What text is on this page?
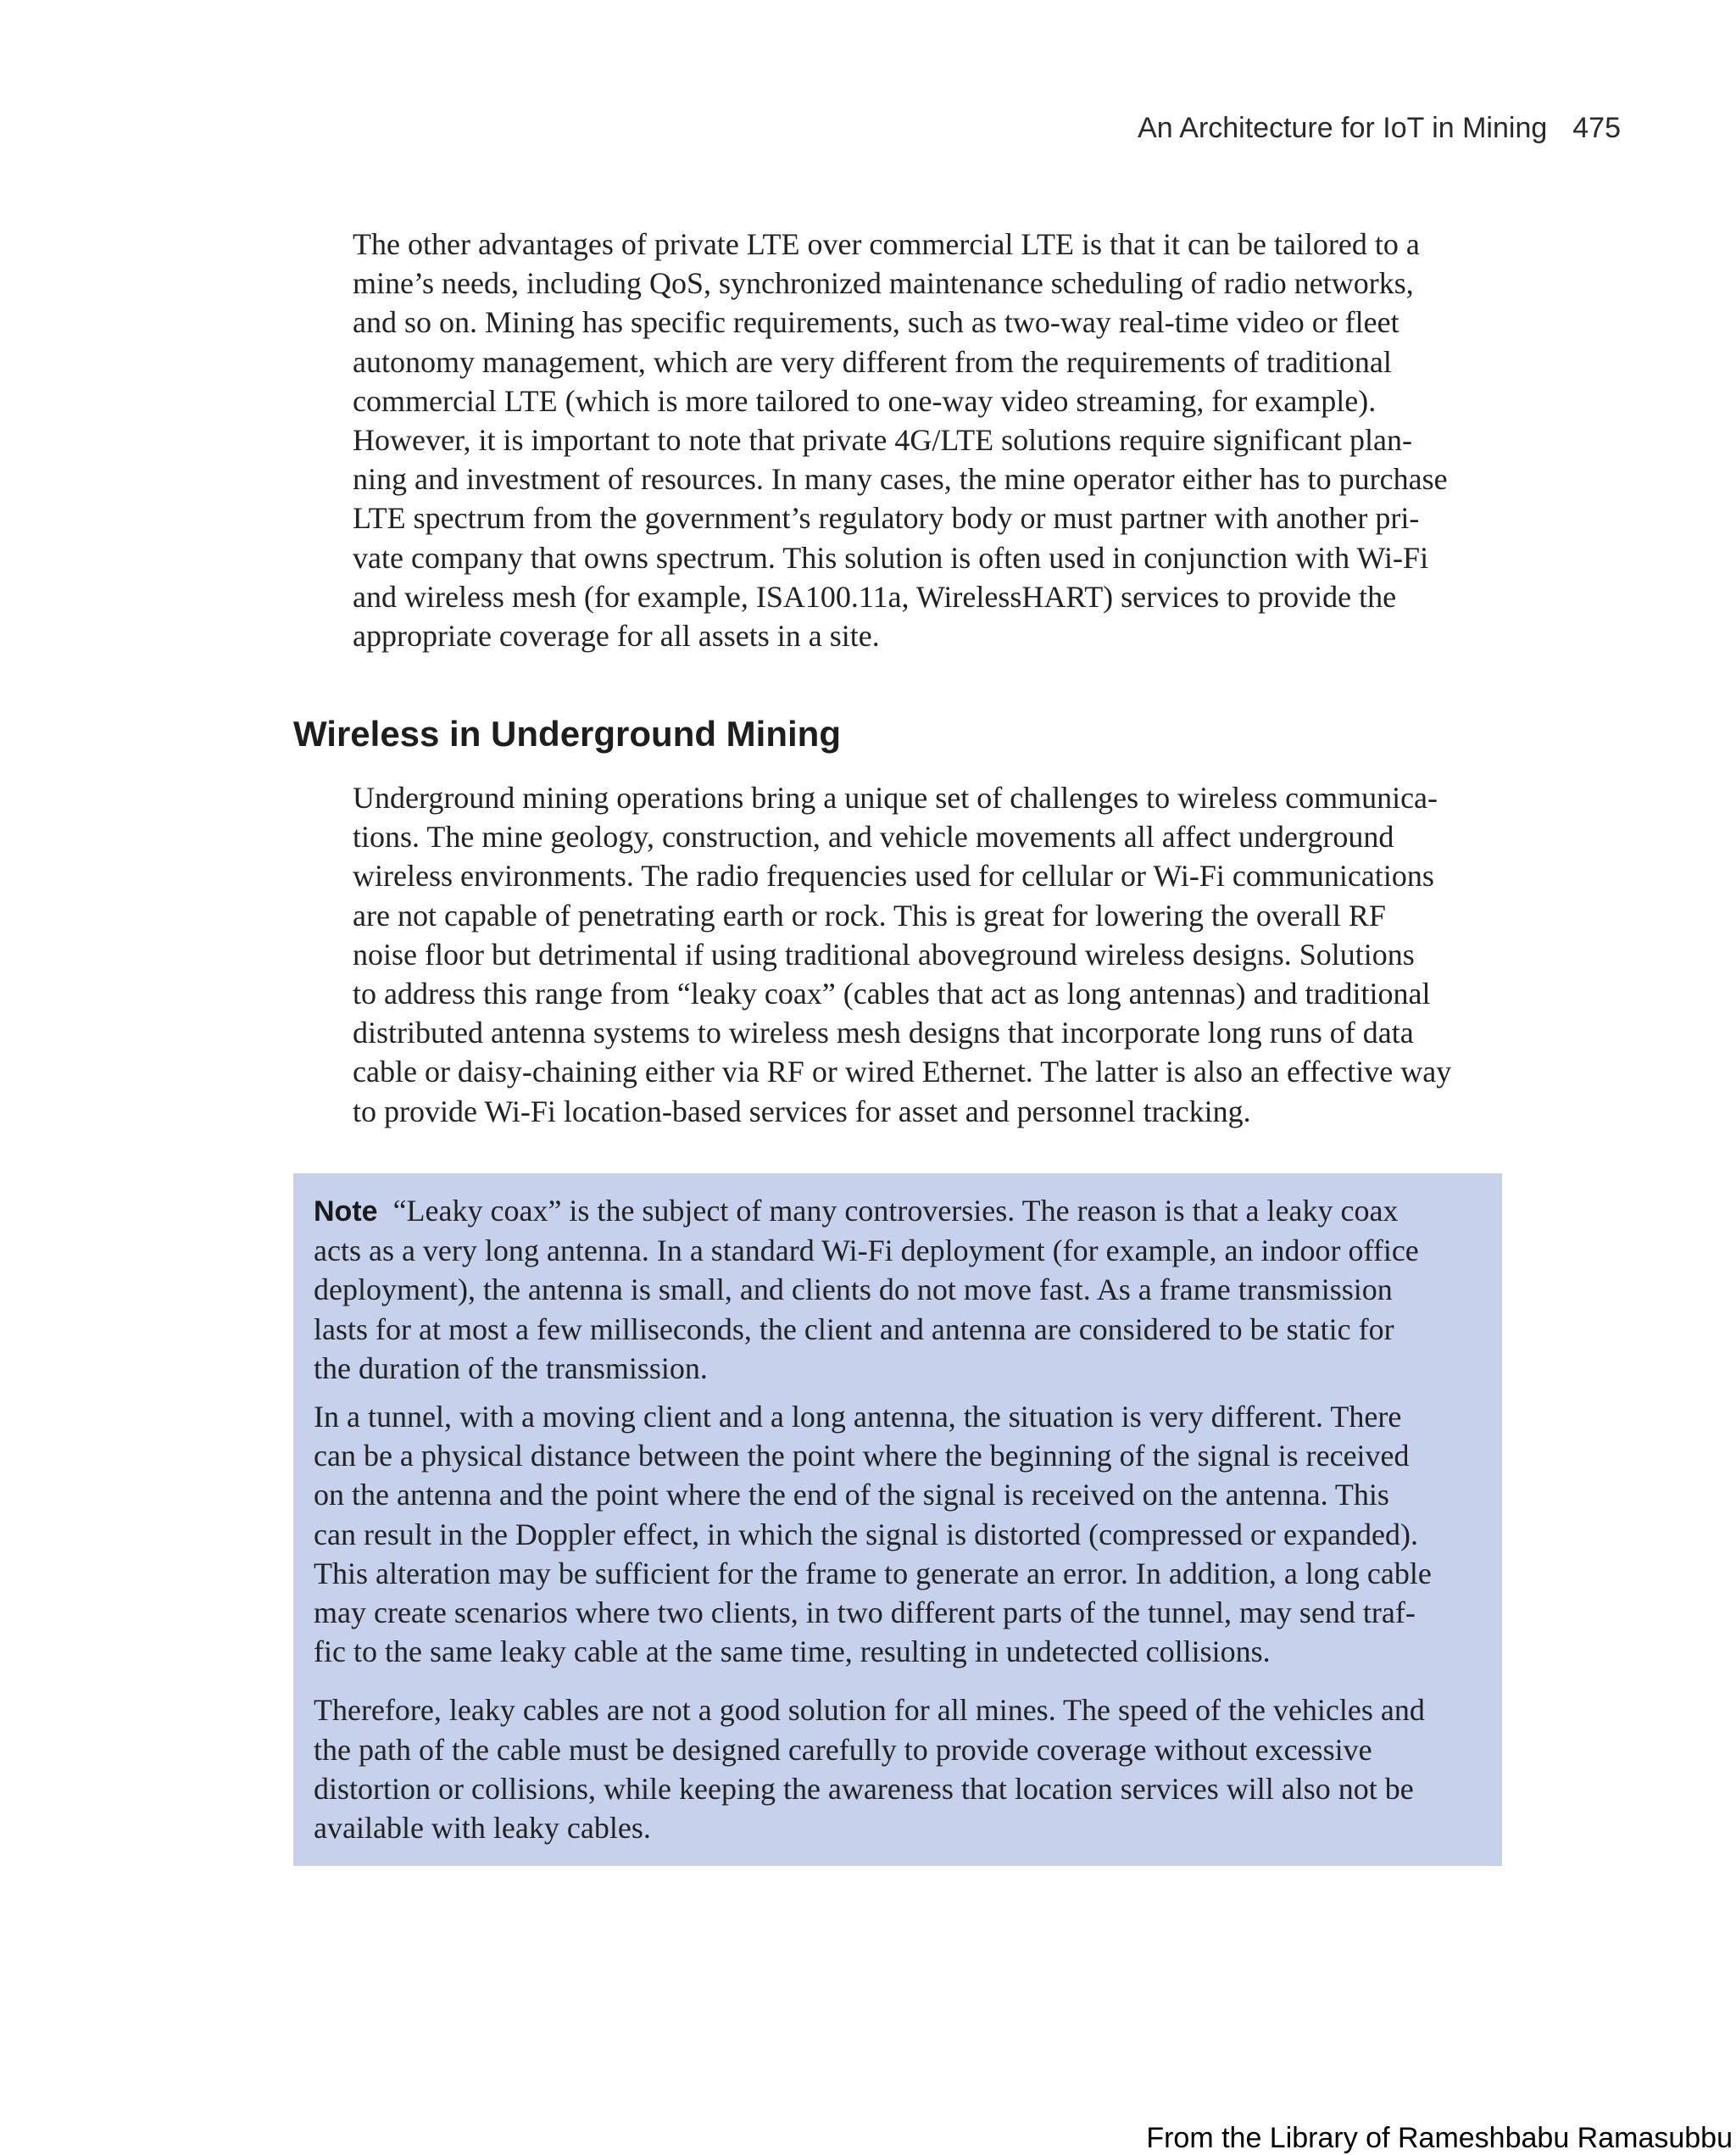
An Architecture for IoT in Mining 475

The other advantages of private LTE over commercial LTE is that it can be tailored to a
mine’s needs, including QoS, synchronized maintenance scheduling of radio networks,
and so on. Mining has specific requirements, such as two-way real-time video or fleet
autonomy management, which are very different from the requirements of traditional
commercial LTE (which is more tailored to one-way video streaming, for example).
However, it is important to note that private 4G/LTE solutions require significant plan-
ning and investment of resources. In many cases, the mine operator either has to purchase
LTE spectrum from the government’s regulatory body or must partner with another pri-
vate company that owns spectrum. This solution is often used in conjunction with Wi-Fi
and wireless mesh (for example, ISA100.11a, WirelessHART) services to provide the
appropriate coverage for all assets in a site.

Wireless in Underground Mining

Underground mining operations bring a unique set of challenges to wireless communica-
tions. The mine geology, construction, and vehicle movements all affect underground
wireless environments. The radio frequencies used for cellular or Wi-Fi communications
are not capable of penetrating earth or rock. This is great for lowering the overall RF
noise floor but detrimental if using traditional aboveground wireless designs. Solutions
to address this range from “leaky coax” (cables that act as long antennas) and traditional
distributed antenna systems to wireless mesh designs that incorporate long runs of data
cable or daisy-chaining either via RF or wired Ethernet. The latter is also an effective way
to provide Wi-Fi location-based services for asset and personnel tracking.

Note “Leaky coax” is the subject of many controversies. The reason is that a leaky coax
acts as a very long antenna. In a standard Wi-Fi deployment (for example, an indoor office
deployment), the antenna is small, and clients do not move fast. As a frame transmission
lasts for at most a few milliseconds, the client and antenna are considered to be static for
the duration of the transmission.

In a tunnel, with a moving client and a long antenna, the situation is very different. There
can be a physical distance between the point where the beginning of the signal is received
on the antenna and the point where the end of the signal is received on the antenna. This
can result in the Doppler effect, in which the signal is distorted (compressed or expanded).
This alteration may be sufficient for the frame to generate an error. In addition, a long cable
may create scenarios where two clients, in two different parts of the tunnel, may send traf-
fic to the same leaky cable at the same time, resulting in undetected collisions.

Therefore, leaky cables are not a good solution for all mines. The speed of the vehicles and
the path of the cable must be designed carefully to provide coverage without excessive
distortion or collisions, while keeping the awareness that location services will also not be
available with leaky cables.

From the Library of Rameshbabu Ramasubbu
